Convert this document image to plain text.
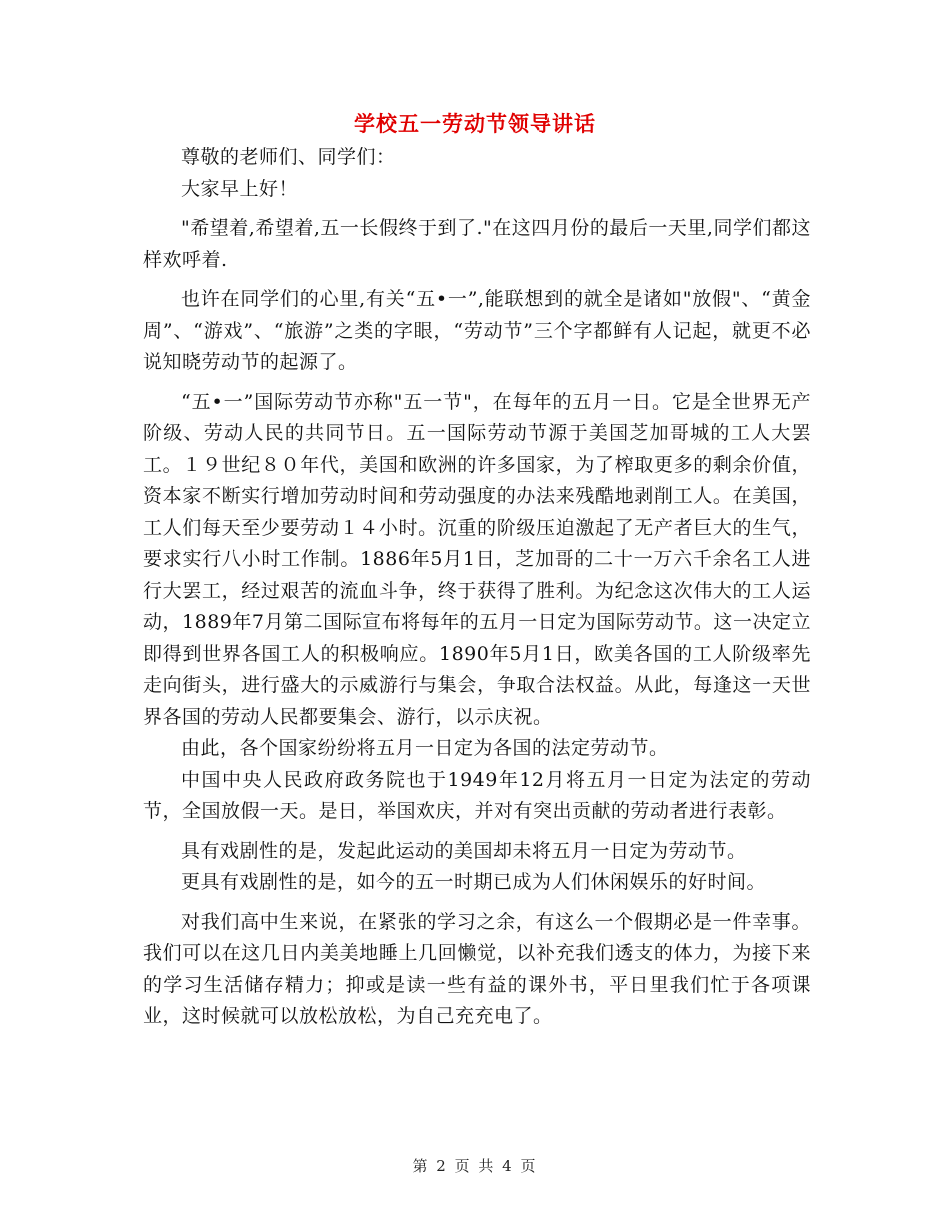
学校五一劳动节领导讲话

尊敬的老师们、同学们：

大家早上好！

"希望着,希望着,五一长假终于到了."在这四月份的最后一天里,同学们都这样欢呼着.

也许在同学们的心里,有关“五•一”,能联想到的就全是诸如"放假"、“黄金周”、“游戏”、“旅游”之类的字眼，“劳动节”三个字都鲜有人记起，就更不必说知晓劳动节的起源了。

“五•一”国际劳动节亦称"五一节"，在每年的五月一日。它是全世界无产阶级、劳动人民的共同节日。五一国际劳动节源于美国芝加哥城的工人大罢工。１９世纪８０年代，美国和欧洲的许多国家，为了榨取更多的剩余价值，资本家不断实行增加劳动时间和劳动强度的办法来残酷地剥削工人。在美国，工人们每天至少要劳动１４小时。沉重的阶级压迫激起了无产者巨大的生气，要求实行八小时工作制。1886年5月1日，芝加哥的二十一万六千余名工人进行大罢工，经过艰苦的流血斗争，终于获得了胜利。为纪念这次伟大的工人运动，1889年7月第二国际宣布将每年的五月一日定为国际劳动节。这一决定立即得到世界各国工人的积极响应。1890年5月1日，欧美各国的工人阶级率先走向街头，进行盛大的示威游行与集会，争取合法权益。从此，每逢这一天世界各国的劳动人民都要集会、游行，以示庆祝。

由此，各个国家纷纷将五月一日定为各国的法定劳动节。

中国中央人民政府政务院也于1949年12月将五月一日定为法定的劳动节，全国放假一天。是日，举国欢庆，并对有突出贡献的劳动者进行表彰。

具有戏剧性的是，发起此运动的美国却未将五月一日定为劳动节。

更具有戏剧性的是，如今的五一时期已成为人们休闲娱乐的好时间。

对我们高中生来说，在紧张的学习之余，有这么一个假期必是一件幸事。我们可以在这几日内美美地睡上几回懒觉，以补充我们透支的体力，为接下来的学习生活储存精力；抑或是读一些有益的课外书，平日里我们忙于各项课业，这时候就可以放松放松，为自己充充电了。

第 2 页 共 4 页
